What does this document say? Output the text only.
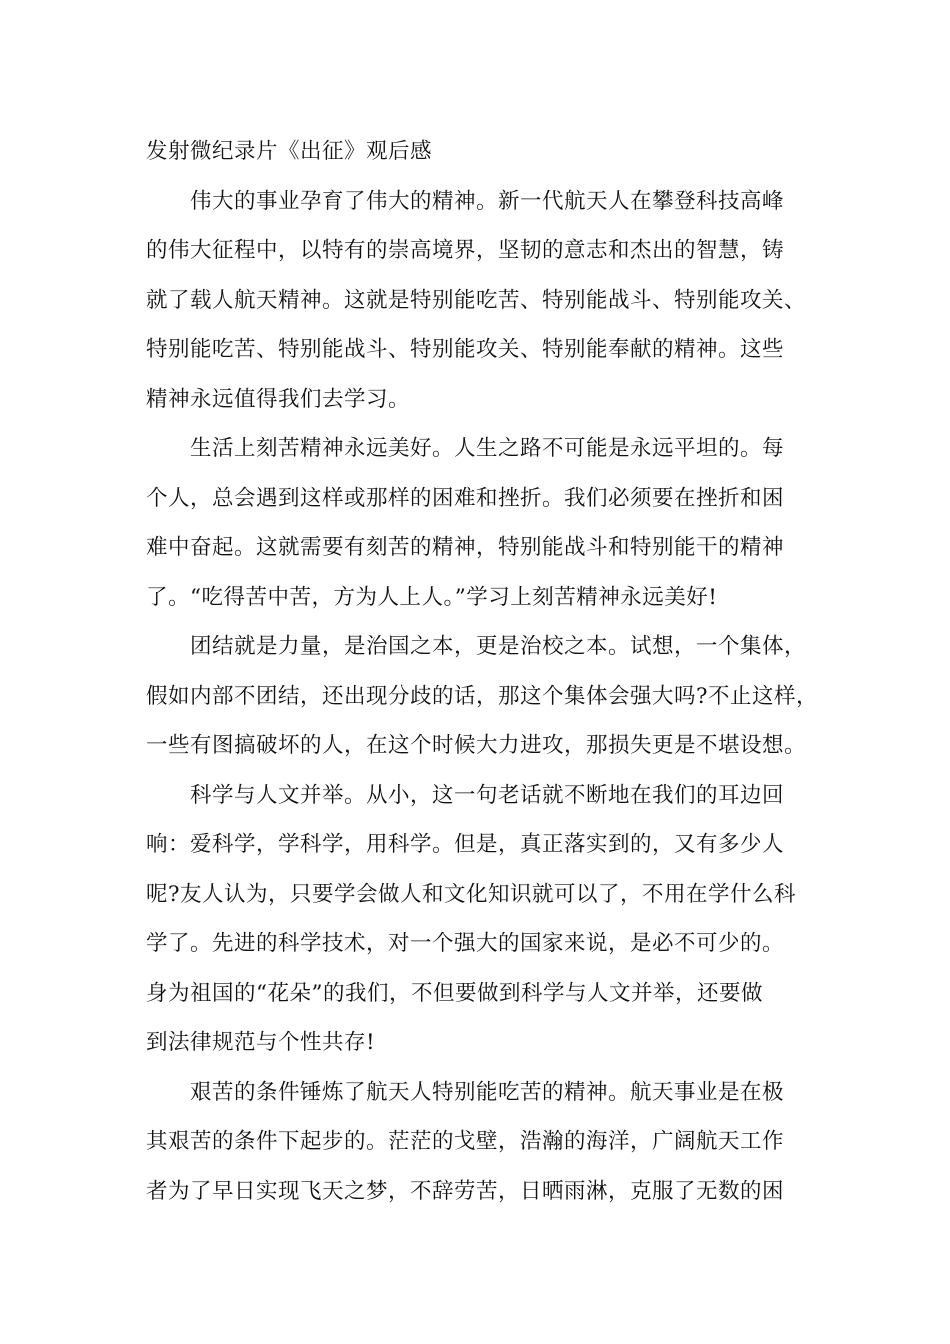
发射微纪录片《出征》观后感
　　伟大的事业孕育了伟大的精神。新一代航天人在攀登科技高峰
的伟大征程中，以特有的崇高境界，坚韧的意志和杰出的智慧，铸
就了载人航天精神。这就是特别能吃苦、特别能战斗、特别能攻关、
特别能吃苦、特别能战斗、特别能攻关、特别能奉献的精神。这些
精神永远值得我们去学习。
　　生活上刻苦精神永远美好。人生之路不可能是永远平坦的。每
个人，总会遇到这样或那样的困难和挫折。我们必须要在挫折和困
难中奋起。这就需要有刻苦的精神，特别能战斗和特别能干的精神
了。“吃得苦中苦，方为人上人。”学习上刻苦精神永远美好!
　　团结就是力量，是治国之本，更是治校之本。试想，一个集体，
假如内部不团结，还出现分歧的话，那这个集体会强大吗?不止这样，
一些有图搞破坏的人，在这个时候大力进攻，那损失更是不堪设想。
　　科学与人文并举。从小，这一句老话就不断地在我们的耳边回
响：爱科学，学科学，用科学。但是，真正落实到的，又有多少人
呢?友人认为，只要学会做人和文化知识就可以了，不用在学什么科
学了。先进的科学技术，对一个强大的国家来说，是必不可少的。
身为祖国的“花朵”的我们，不但要做到科学与人文并举，还要做
到法律规范与个性共存!
　　艰苦的条件锤炼了航天人特别能吃苦的精神。航天事业是在极
其艰苦的条件下起步的。茫茫的戈壁，浩瀚的海洋，广阔航天工作
者为了早日实现飞天之梦，不辞劳苦，日晒雨淋，克服了无数的困
